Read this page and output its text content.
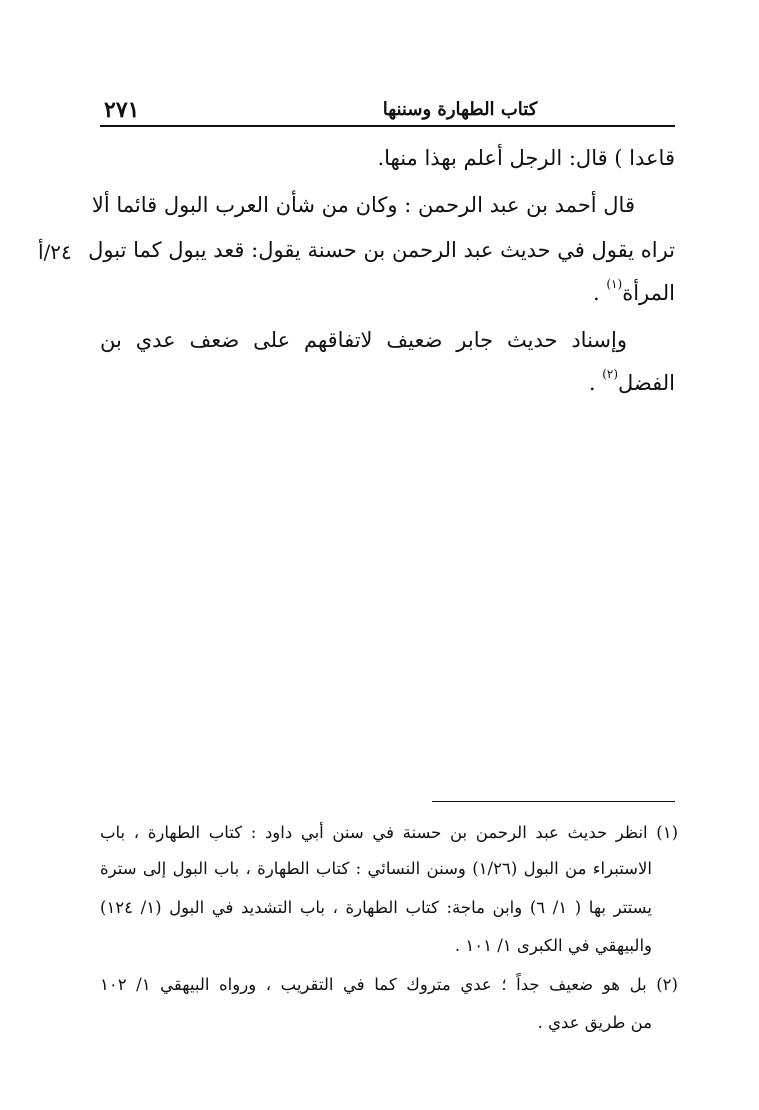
٢٧١	كتاب الطهارة وسننها
قاعدا ) قال: الرجل أعلم بهذا منها.
قال أحمد بن عبد الرحمن : وكان من شأن العرب البول قائما ألا
تراه يقول في حديث عبد الرحمن بن حسنة يقول: قعد يبول كما تبول
المرأة$^{(١)}$ .
وإسناد حديث جابر ضعيف لاتفاقهم على ضعف عدي بن
الفضل$^{(٢)}$ .
٢٤/أ
(١) انظر حديث عبد الرحمن بن حسنة في سنن أبي داود : كتاب الطهارة ، باب
الاستبراء من البول (١/٢٦) وسنن النسائي : كتاب الطهارة ، باب البول إلى سترة
يستتر بها ( ١/ ٦) وابن ماجة: كتاب الطهارة ، باب التشديد في البول (١/ ١٢٤)
والبيهقي في الكبرى ١/ ١٠١ .
(٢) بل هو ضعيف جداً ؛ عدي متروك كما في التقريب ، ورواه البيهقي ١/ ١٠٢
من طريق عدي .
